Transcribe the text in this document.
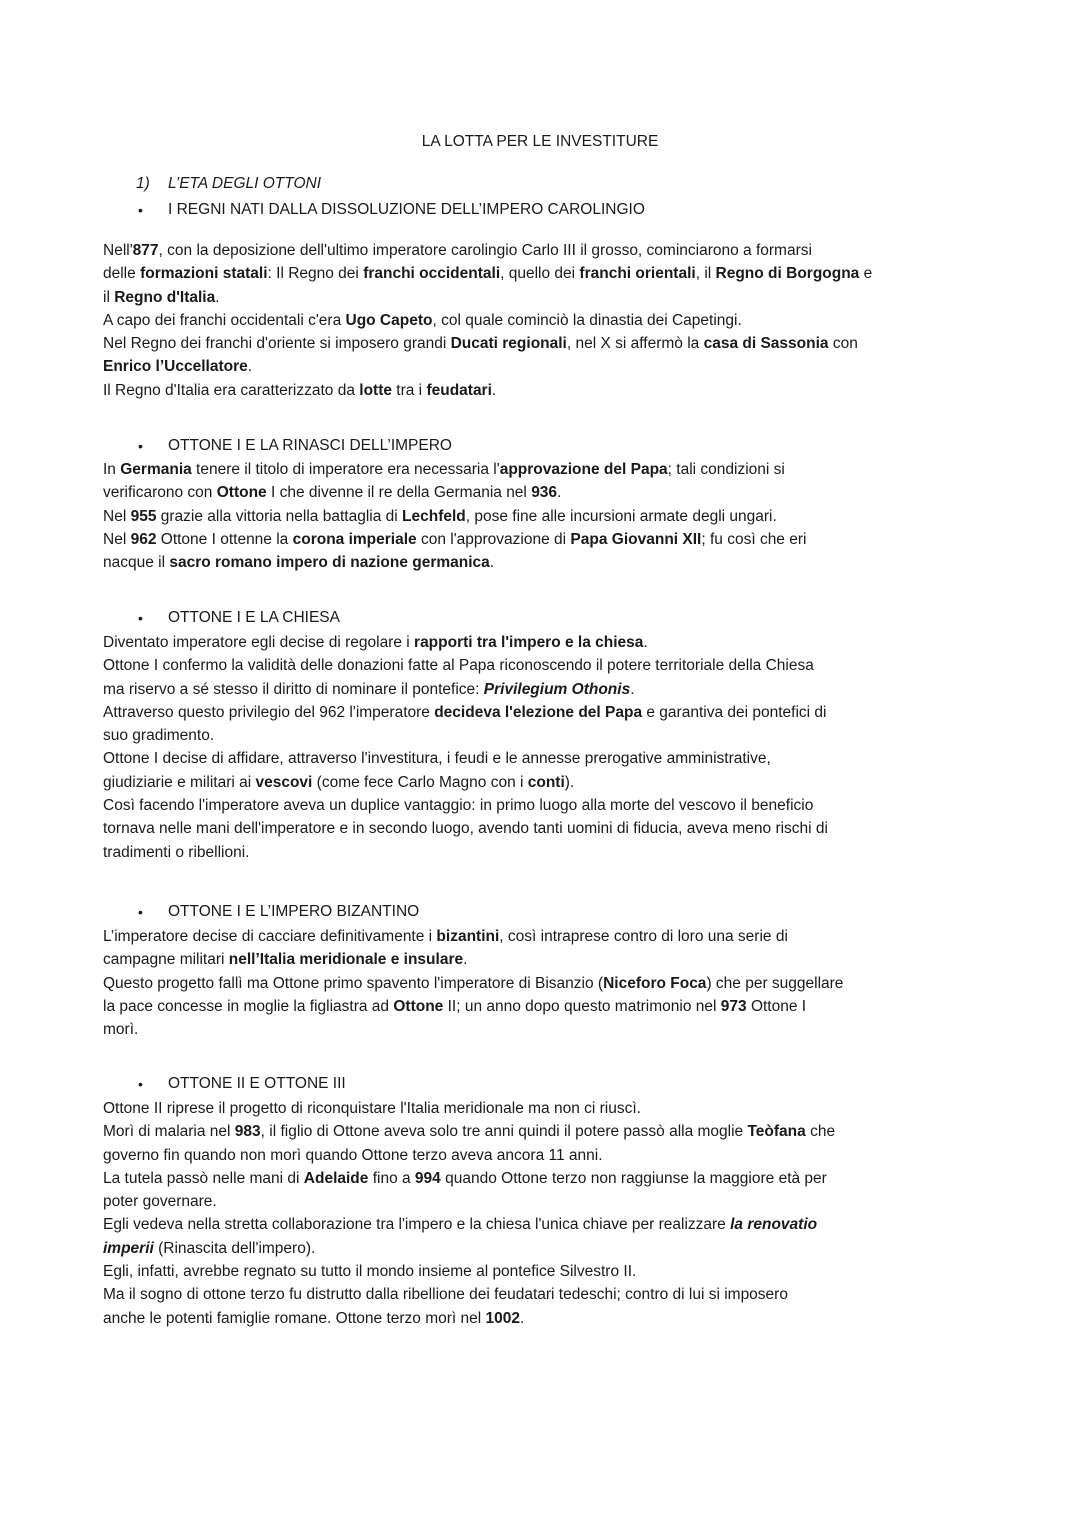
LA LOTTA PER LE INVESTITURE
1) L’ETA DEGLI OTTONI
• I REGNI NATI DALLA DISSOLUZIONE DELL’IMPERO CAROLINGIO
Nell'877, con la deposizione dell'ultimo imperatore carolingio Carlo III il grosso, cominciarono a formarsi
delle formazioni statali: Il Regno dei franchi occidentali, quello dei franchi orientali, il Regno di Borgogna e
il Regno d'Italia.
A capo dei franchi occidentali c'era Ugo Capeto, col quale cominciò la dinastia dei Capetingi.
Nel Regno dei franchi d'oriente si imposero grandi Ducati regionali, nel X si affermò la casa di Sassonia con
Enrico l’Uccellatore.
Il Regno d'Italia era caratterizzato da lotte tra i feudatari.
• OTTONE I E LA RINASCI DELL’IMPERO
In Germania tenere il titolo di imperatore era necessaria l'approvazione del Papa; tali condizioni si
verificarono con Ottone I che divenne il re della Germania nel 936.
Nel 955 grazie alla vittoria nella battaglia di Lechfeld, pose fine alle incursioni armate degli ungari.
Nel 962 Ottone I ottenne la corona imperiale con l'approvazione di Papa Giovanni XII; fu così che eri
nacque il sacro romano impero di nazione germanica.
• OTTONE I E LA CHIESA
Diventato imperatore egli decise di regolare i rapporti tra l'impero e la chiesa.
Ottone I confermo la validità delle donazioni fatte al Papa riconoscendo il potere territoriale della Chiesa
ma riservo a sé stesso il diritto di nominare il pontefice: Privilegium Othonis.
Attraverso questo privilegio del 962 l'imperatore decideva l'elezione del Papa e garantiva dei pontefici di
suo gradimento.
Ottone I decise di affidare, attraverso l'investitura, i feudi e le annesse prerogative amministrative,
giudiziarie e militari ai vescovi (come fece Carlo Magno con i conti).
Così facendo l'imperatore aveva un duplice vantaggio: in primo luogo alla morte del vescovo il beneficio
tornava nelle mani dell'imperatore e in secondo luogo, avendo tanti uomini di fiducia, aveva meno rischi di
tradimenti o ribellioni.
• OTTONE I E L’IMPERO BIZANTINO
L’imperatore decise di cacciare definitivamente i bizantini, così intraprese contro di loro una serie di
campagne militari nell’Italia meridionale e insulare.
Questo progetto fallì ma Ottone primo spavento l'imperatore di Bisanzio (Niceforo Foca) che per suggellare
la pace concesse in moglie la figliastra ad Ottone II; un anno dopo questo matrimonio nel 973 Ottone I
morì.
• OTTONE II E OTTONE III
Ottone II riprese il progetto di riconquistare l'Italia meridionale ma non ci riuscì.
Morì di malaria nel 983, il figlio di Ottone aveva solo tre anni quindi il potere passò alla moglie Teòfana che
governo fin quando non morì quando Ottone terzo aveva ancora 11 anni.
La tutela passò nelle mani di Adelaide fino a 994 quando Ottone terzo non raggiunse la maggiore età per
poter governare.
Egli vedeva nella stretta collaborazione tra l'impero e la chiesa l'unica chiave per realizzare la renovatio
imperii (Rinascita dell'impero).
Egli, infatti, avrebbe regnato su tutto il mondo insieme al pontefice Silvestro II.
Ma il sogno di ottone terzo fu distrutto dalla ribellione dei feudatari tedeschi; contro di lui si imposero
anche le potenti famiglie romane. Ottone terzo morì nel 1002.
